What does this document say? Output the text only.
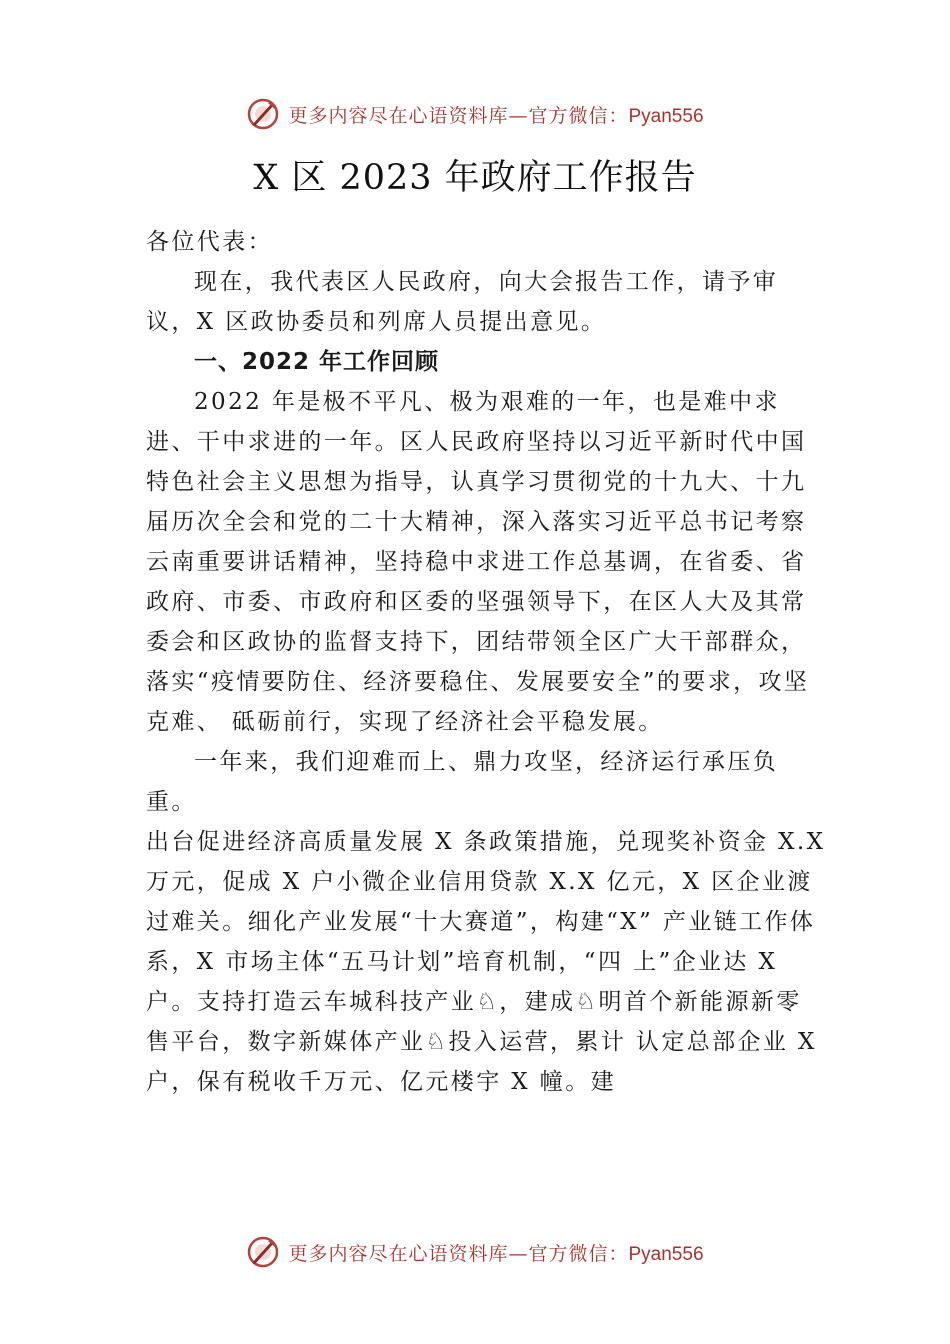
更多内容尽在心语资料库—官方微信：Pyan556
X 区 2023 年政府工作报告

各位代表：

现在，我代表区人民政府，向大会报告工作，请予审议，X 区政协委员和列席人员提出意见。

一、2022 年工作回顾

2022 年是极不平凡、极为艰难的一年，也是难中求进、干中求进的一年。区人民政府坚持以习近平新时代中国特色社会主义思想为指导，认真学习贯彻党的十九大、十九届历次全会和党的二十大精神，深入落实习近平总书记考察云南重要讲话精神，坚持稳中求进工作总基调，在省委、省政府、市委、市政府和区委的坚强领导下，在区人大及其常委会和区政协的监督支持下，团结带领全区广大干部群众，落实“疫情要防住、经济要稳住、发展要安全”的要求，攻坚克难、 砥砺前行，实现了经济社会平稳发展。

一年来，我们迎难而上、鼎力攻坚，经济运行承压负重。

出台促进经济高质量发展 X 条政策措施，兑现奖补资金 X.X 万元，促成 X 户小微企业信用贷款 X.X 亿元，X 区企业渡过难关。细化产业发展“十大赛道”，构建“X” 产业链工作体系，X 市场主体“五马计划”培育机制，“四 上”企业达 X 户。支持打造云车城科技产业♘，建成♘明首个新能源新零售平台，数字新媒体产业♘投入运营，累计 认定总部企业 X 户，保有税收千万元、亿元楼宇 X 幢。建

更多内容尽在心语资料库—官方微信：Pyan556
